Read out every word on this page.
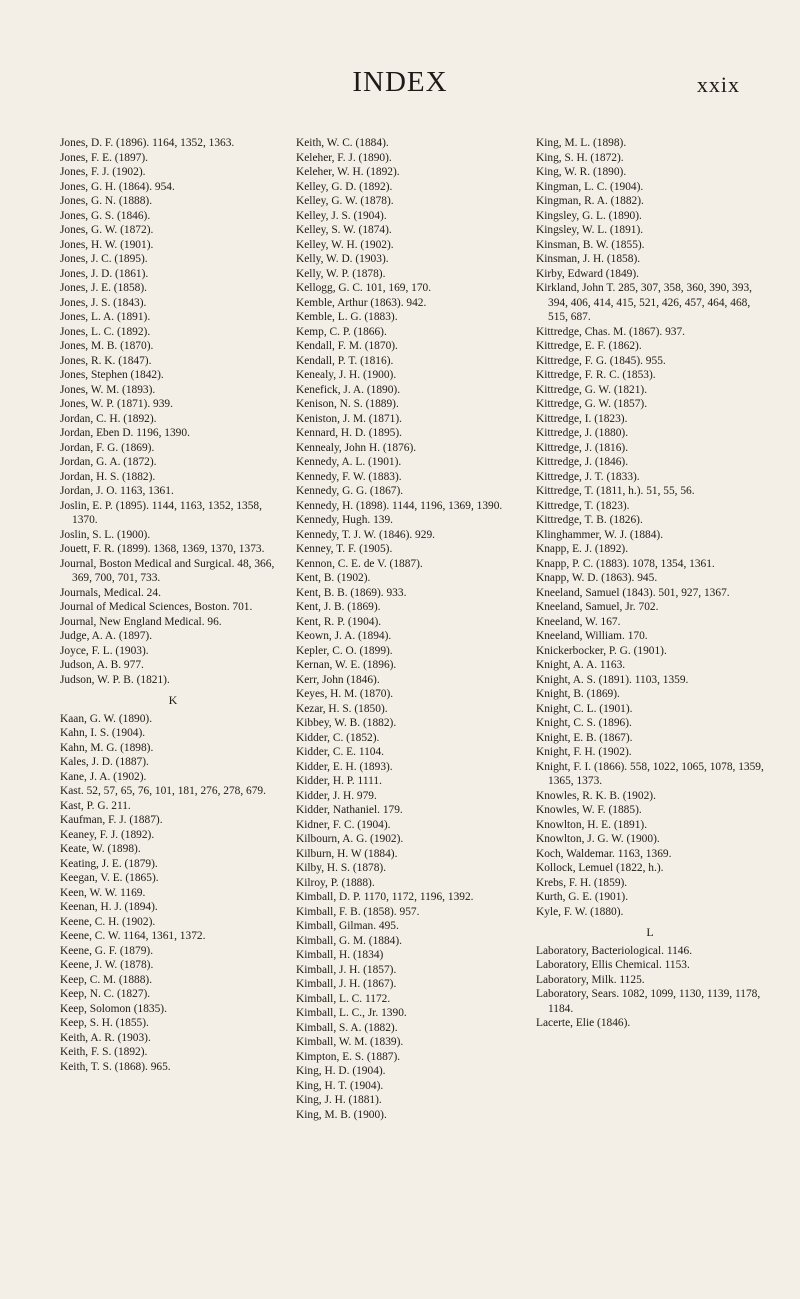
INDEX	xxix
Jones, D. F. (1896). 1164, 1352, 1363.
Jones, F. E. (1897).
Jones, F. J. (1902).
Jones, G. H. (1864). 954.
Jones, G. N. (1888).
Jones, G. S. (1846).
Jones, G. W. (1872).
Jones, H. W. (1901).
Jones, J. C. (1895).
Jones, J. D. (1861).
Jones, J. E. (1858).
Jones, J. S. (1843).
Jones, L. A. (1891).
Jones, L. C. (1892).
Jones, M. B. (1870).
Jones, R. K. (1847).
Jones, Stephen (1842).
Jones, W. M. (1893).
Jones, W. P. (1871). 939.
Jordan, C. H. (1892).
Jordan, Eben D. 1196, 1390.
Jordan, F. G. (1869).
Jordan, G. A. (1872).
Jordan, H. S. (1882).
Jordan, J. O. 1163, 1361.
Joslin, E. P. (1895). 1144, 1163, 1352, 1358, 1370.
Joslin, S. L. (1900).
Jouett, F. R. (1899). 1368, 1369, 1370, 1373.
Journal, Boston Medical and Surgical. 48, 366, 369, 700, 701, 733.
Journals, Medical. 24.
Journal of Medical Sciences, Boston. 701.
Journal, New England Medical. 96.
Judge, A. A. (1897).
Joyce, F. L. (1903).
Judson, A. B. 977.
Judson, W. P. B. (1821).
K
Kaan, G. W. (1890).
Kahn, I. S. (1904).
Kahn, M. G. (1898).
Kales, J. D. (1887).
Kane, J. A. (1902).
Kast. 52, 57, 65, 76, 101, 181, 276, 278, 679.
Kast, P. G. 211.
Kaufman, F. J. (1887).
Keaney, F. J. (1892).
Keate, W. (1898).
Keating, J. E. (1879).
Keegan, V. E. (1865).
Keen, W. W. 1169.
Keenan, H. J. (1894).
Keene, C. H. (1902).
Keene, C. W. 1164, 1361, 1372.
Keene, G. F. (1879).
Keene, J. W. (1878).
Keep, C. M. (1888).
Keep, N. C. (1827).
Keep, Solomon (1835).
Keep, S. H. (1855).
Keith, A. R. (1903).
Keith, F. S. (1892).
Keith, T. S. (1868). 965.
Keith, W. C. (1884).
Keleher, F. J. (1890).
Keleher, W. H. (1892).
Kelley, G. D. (1892).
Kelley, G. W. (1878).
Kelley, J. S. (1904).
Kelley, S. W. (1874).
Kelley, W. H. (1902).
Kelly, W. D. (1903).
Kelly, W. P. (1878).
Kellogg, G. C. 101, 169, 170.
Kemble, Arthur (1863). 942.
Kemble, L. G. (1883).
Kemp, C. P. (1866).
Kendall, F. M. (1870).
Kendall, P. T. (1816).
Kenealy, J. H. (1900).
Kenefick, J. A. (1890).
Kenison, N. S. (1889).
Keniston, J. M. (1871).
Kennard, H. D. (1895).
Kennealy, John H. (1876).
Kennedy, A. L. (1901).
Kennedy, F. W. (1883).
Kennedy, G. G. (1867).
Kennedy, H. (1898). 1144, 1196, 1369, 1390.
Kennedy, Hugh. 139.
Kennedy, T. J. W. (1846). 929.
Kenney, T. F. (1905).
Kennon, C. E. de V. (1887).
Kent, B. (1902).
Kent, B. B. (1869). 933.
Kent, J. B. (1869).
Kent, R. P. (1904).
Keown, J. A. (1894).
Kepler, C. O. (1899).
Kernan, W. E. (1896).
Kerr, John (1846).
Keyes, H. M. (1870).
Kezar, H. S. (1850).
Kibbey, W. B. (1882).
Kidder, C. (1852).
Kidder, C. E. 1104.
Kidder, E. H. (1893).
Kidder, H. P. 1111.
Kidder, J. H. 979.
Kidder, Nathaniel. 179.
Kidner, F. C. (1904).
Kilbourn, A. G. (1902).
Kilburn, H. W (1884).
Kilby, H. S. (1878).
Kilroy, P. (1888).
Kimball, D. P. 1170, 1172, 1196, 1392.
Kimball, F. B. (1858). 957.
Kimball, Gilman. 495.
Kimball, G. M. (1884).
Kimball, H. (1834)
Kimball, J. H. (1857).
Kimball, J. H. (1867).
Kimball, L. C. 1172.
Kimball, L. C., Jr. 1390.
Kimball, S. A. (1882).
Kimball, W. M. (1839).
Kimpton, E. S. (1887).
King, H. D. (1904).
King, H. T. (1904).
King, J. H. (1881).
King, M. B. (1900).
King, M. L. (1898).
King, S. H. (1872).
King, W. R. (1890).
Kingman, L. C. (1904).
Kingman, R. A. (1882).
Kingsley, G. L. (1890).
Kingsley, W. L. (1891).
Kinsman, B. W. (1855).
Kinsman, J. H. (1858).
Kirby, Edward (1849).
Kirkland, John T. 285, 307, 358, 360, 390, 393, 394, 406, 414, 415, 521, 426, 457, 464, 468, 515, 687.
Kittredge, Chas. M. (1867). 937.
Kittredge, E. F. (1862).
Kittredge, F. G. (1845). 955.
Kittredge, F. R. C. (1853).
Kittredge, G. W. (1821).
Kittredge, G. W. (1857).
Kittredge, I. (1823).
Kittredge, J. (1880).
Kittredge, J. (1816).
Kittredge, J. (1846).
Kittredge, J. T. (1833).
Kittredge, T. (1811, h.). 51, 55, 56.
Kittredge, T. (1823).
Kittredge, T. B. (1826).
Klinghammer, W. J. (1884).
Knapp, E. J. (1892).
Knapp, P. C. (1883). 1078, 1354, 1361.
Knapp, W. D. (1863). 945.
Kneeland, Samuel (1843). 501, 927, 1367.
Kneeland, Samuel, Jr. 702.
Kneeland, W. 167.
Kneeland, William. 170.
Knickerbocker, P. G. (1901).
Knight, A. A. 1163.
Knight, A. S. (1891). 1103, 1359.
Knight, B. (1869).
Knight, C. L. (1901).
Knight, C. S. (1896).
Knight, E. B. (1867).
Knight, F. H. (1902).
Knight, F. I. (1866). 558, 1022, 1065, 1078, 1359, 1365, 1373.
Knowles, R. K. B. (1902).
Knowles, W. F. (1885).
Knowlton, H. E. (1891).
Knowlton, J. G. W. (1900).
Koch, Waldemar. 1163, 1369.
Kollock, Lemuel (1822, h.).
Krebs, F. H. (1859).
Kurth, G. E. (1901).
Kyle, F. W. (1880).
L
Laboratory, Bacteriological. 1146.
Laboratory, Ellis Chemical. 1153.
Laboratory, Milk. 1125.
Laboratory, Sears. 1082, 1099, 1130, 1139, 1178, 1184.
Lacerte, Elie (1846).
